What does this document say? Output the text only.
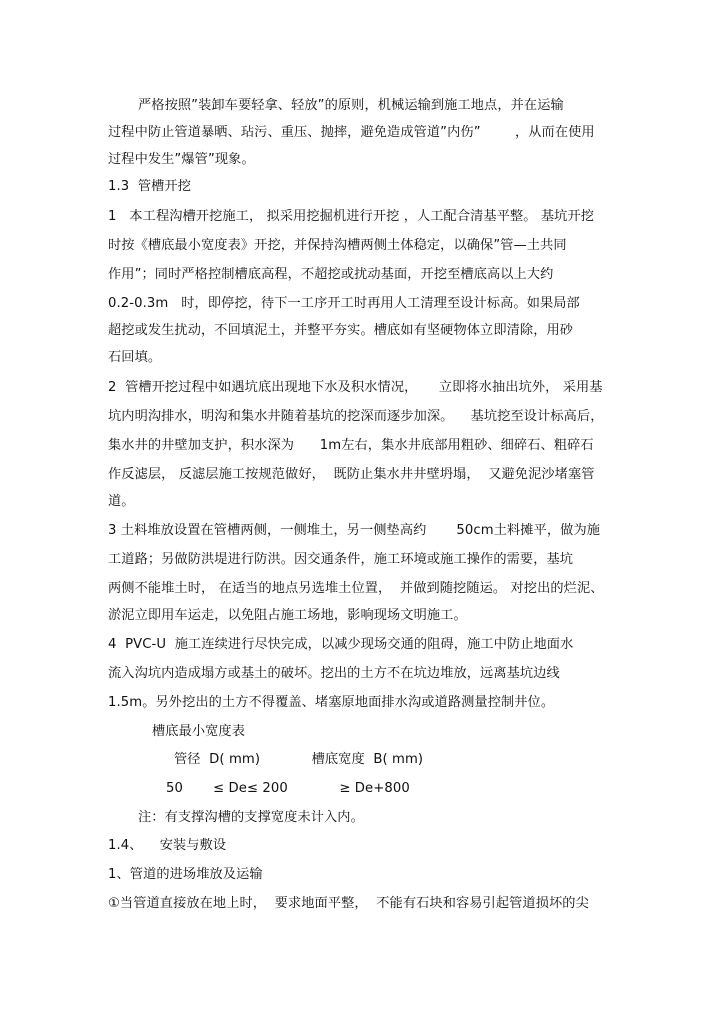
严格按照”装卸车要轻拿、轻放”的原则，机械运输到施工地点，并在运输
过程中防止管道暴晒、玷污、重压、抛摔，避免造成管道”内伤”        ，从而在使用
过程中发生”爆管”现象。
1.3  管槽开挖
1   本工程沟槽开挖施工， 拟采用挖掘机进行开挖 ，人工配合清基平整。 基坑开挖
时按《槽底最小宽度表》开挖，并保持沟槽两侧土体稳定，以确保”管—土共同
作用”；同时严格控制槽底高程，不超挖或扰动基面，开挖至槽底高以上大约
0.2-0.3m   时，即停挖，待下一工序开工时再用人工清理至设计标高。如果局部
超挖或发生扰动，不回填泥土，并整平夯实。槽底如有坚硬物体立即清除，用砂
石回填。
2  管槽开挖过程中如遇坑底出现地下水及积水情况，     立即将水抽出坑外， 采用基
坑内明沟排水，明沟和集水井随着基坑的挖深而逐步加深。    基坑挖至设计标高后，
集水井的井壁加支护，积水深为      1m左右，集水井底部用粗砂、细碎石、粗碎石
作反滤层， 反滤层施工按规范做好，  既防止集水井井壁坍塌，  又避免泥沙堵塞管
道。
3 土料堆放设置在管槽两侧，一侧堆土，另一侧垫高约       50cm土料摊平，做为施
工道路；另做防洪堤进行防洪。因交通条件，施工环境或施工操作的需要，基坑
两侧不能堆土时， 在适当的地点另选堆土位置，  并做到随挖随运。 对挖出的烂泥、
淤泥立即用车运走，以免阻占施工场地，影响现场文明施工。
4  PVC-U  施工连续进行尽快完成，以减少现场交通的阻碍，施工中防止地面水
流入沟坑内造成塌方或基土的破坏。挖出的土方不在坑边堆放，远离基坑边线
1.5m。另外挖出的土方不得覆盖、堵塞原地面排水沟或道路测量控制井位。
槽底最小宽度表
管径  D( mm)            槽底宽度  B( mm)
50       ≤ De≤ 200            ≥ De+800
注：有支撑沟槽的支撑宽度未计入内。
1.4、    安装与敷设
1、管道的进场堆放及运输
①当管道直接放在地上时，  要求地面平整，  不能有石块和容易引起管道损坏的尖
